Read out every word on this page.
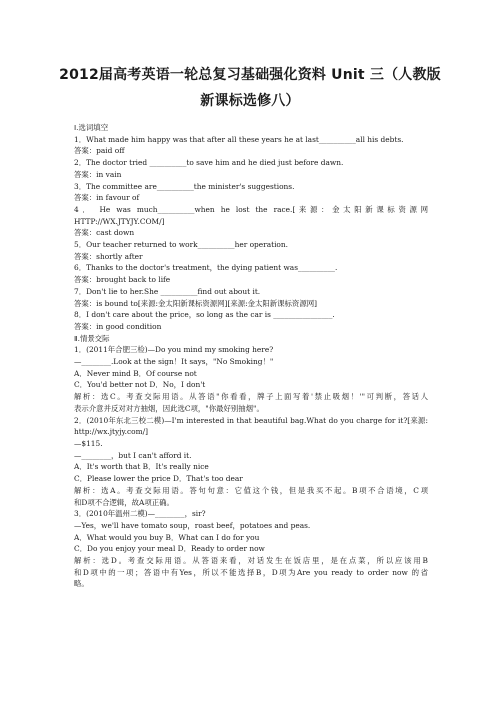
2012届高考英语一轮总复习基础强化资料 Unit 三（人教版
新课标选修八）
Ⅰ.选词填空
1．What made him happy was that after all these years he at last__________all his debts.
答案：paid off
2．The doctor tried __________to save him and he died just before dawn.
答案：in vain
3．The committee are__________the minister's suggestions.
答案：in favour of
4． He was much__________when he lost the race.[来源：金太阳新课标资源网
HTTP://WX.JTYJY.COM/]
答案：cast down
5．Our teacher returned to work__________her operation.
答案：shortly after
6．Thanks to the doctor's treatment，the dying patient was__________.
答案：brought back to life
7．Don't lie to her.She __________find out about it.
答案：is bound to[来源:金太阳新课标资源网][来源:金太阳新课标资源网]
8．I don't care about the price，so long as the car is ________________.
答案：in good condition
Ⅱ.情景交际
1．(2011年合肥三检)—Do you mind my smoking here?
—________.Look at the sign！It says，"No Smoking！"
A．Never mind B．Of course not
C．You'd better not D．No，I don't
解析：选C。考查交际用语。从答语"你看看，牌子上面写着'禁止吸烟！'"可判断，答话人
表示介意并反对对方抽烟，因此选C项，"你最好别抽烟"。
2．(2010年东北三校二模)—I'm interested in that beautiful bag.What do you charge for it?[来源:
http://wx.jtyjy.com/]
—$115.
—________，but I can't afford it.
A．It's worth that B．It's really nice
C．Please lower the price D．That's too dear
解析：选A。考查交际用语。答句句意：它值这个钱，但是我买不起。B项不合语境，C项
和D项不合逻辑，故A项正确。
3．(2010年温州二模)—________，sir?
—Yes，we'll have tomato soup，roast beef，potatoes and peas.
A．What would you buy B．What can I do for you
C．Do you enjoy your meal D．Ready to order now
解析：选D。考查交际用语。从答语来看，对话发生在饭店里，是在点菜，所以应该用B
和D项中的一项；答语中有Yes，所以不能选择B，D项为Are you ready to order now 的省
略。
